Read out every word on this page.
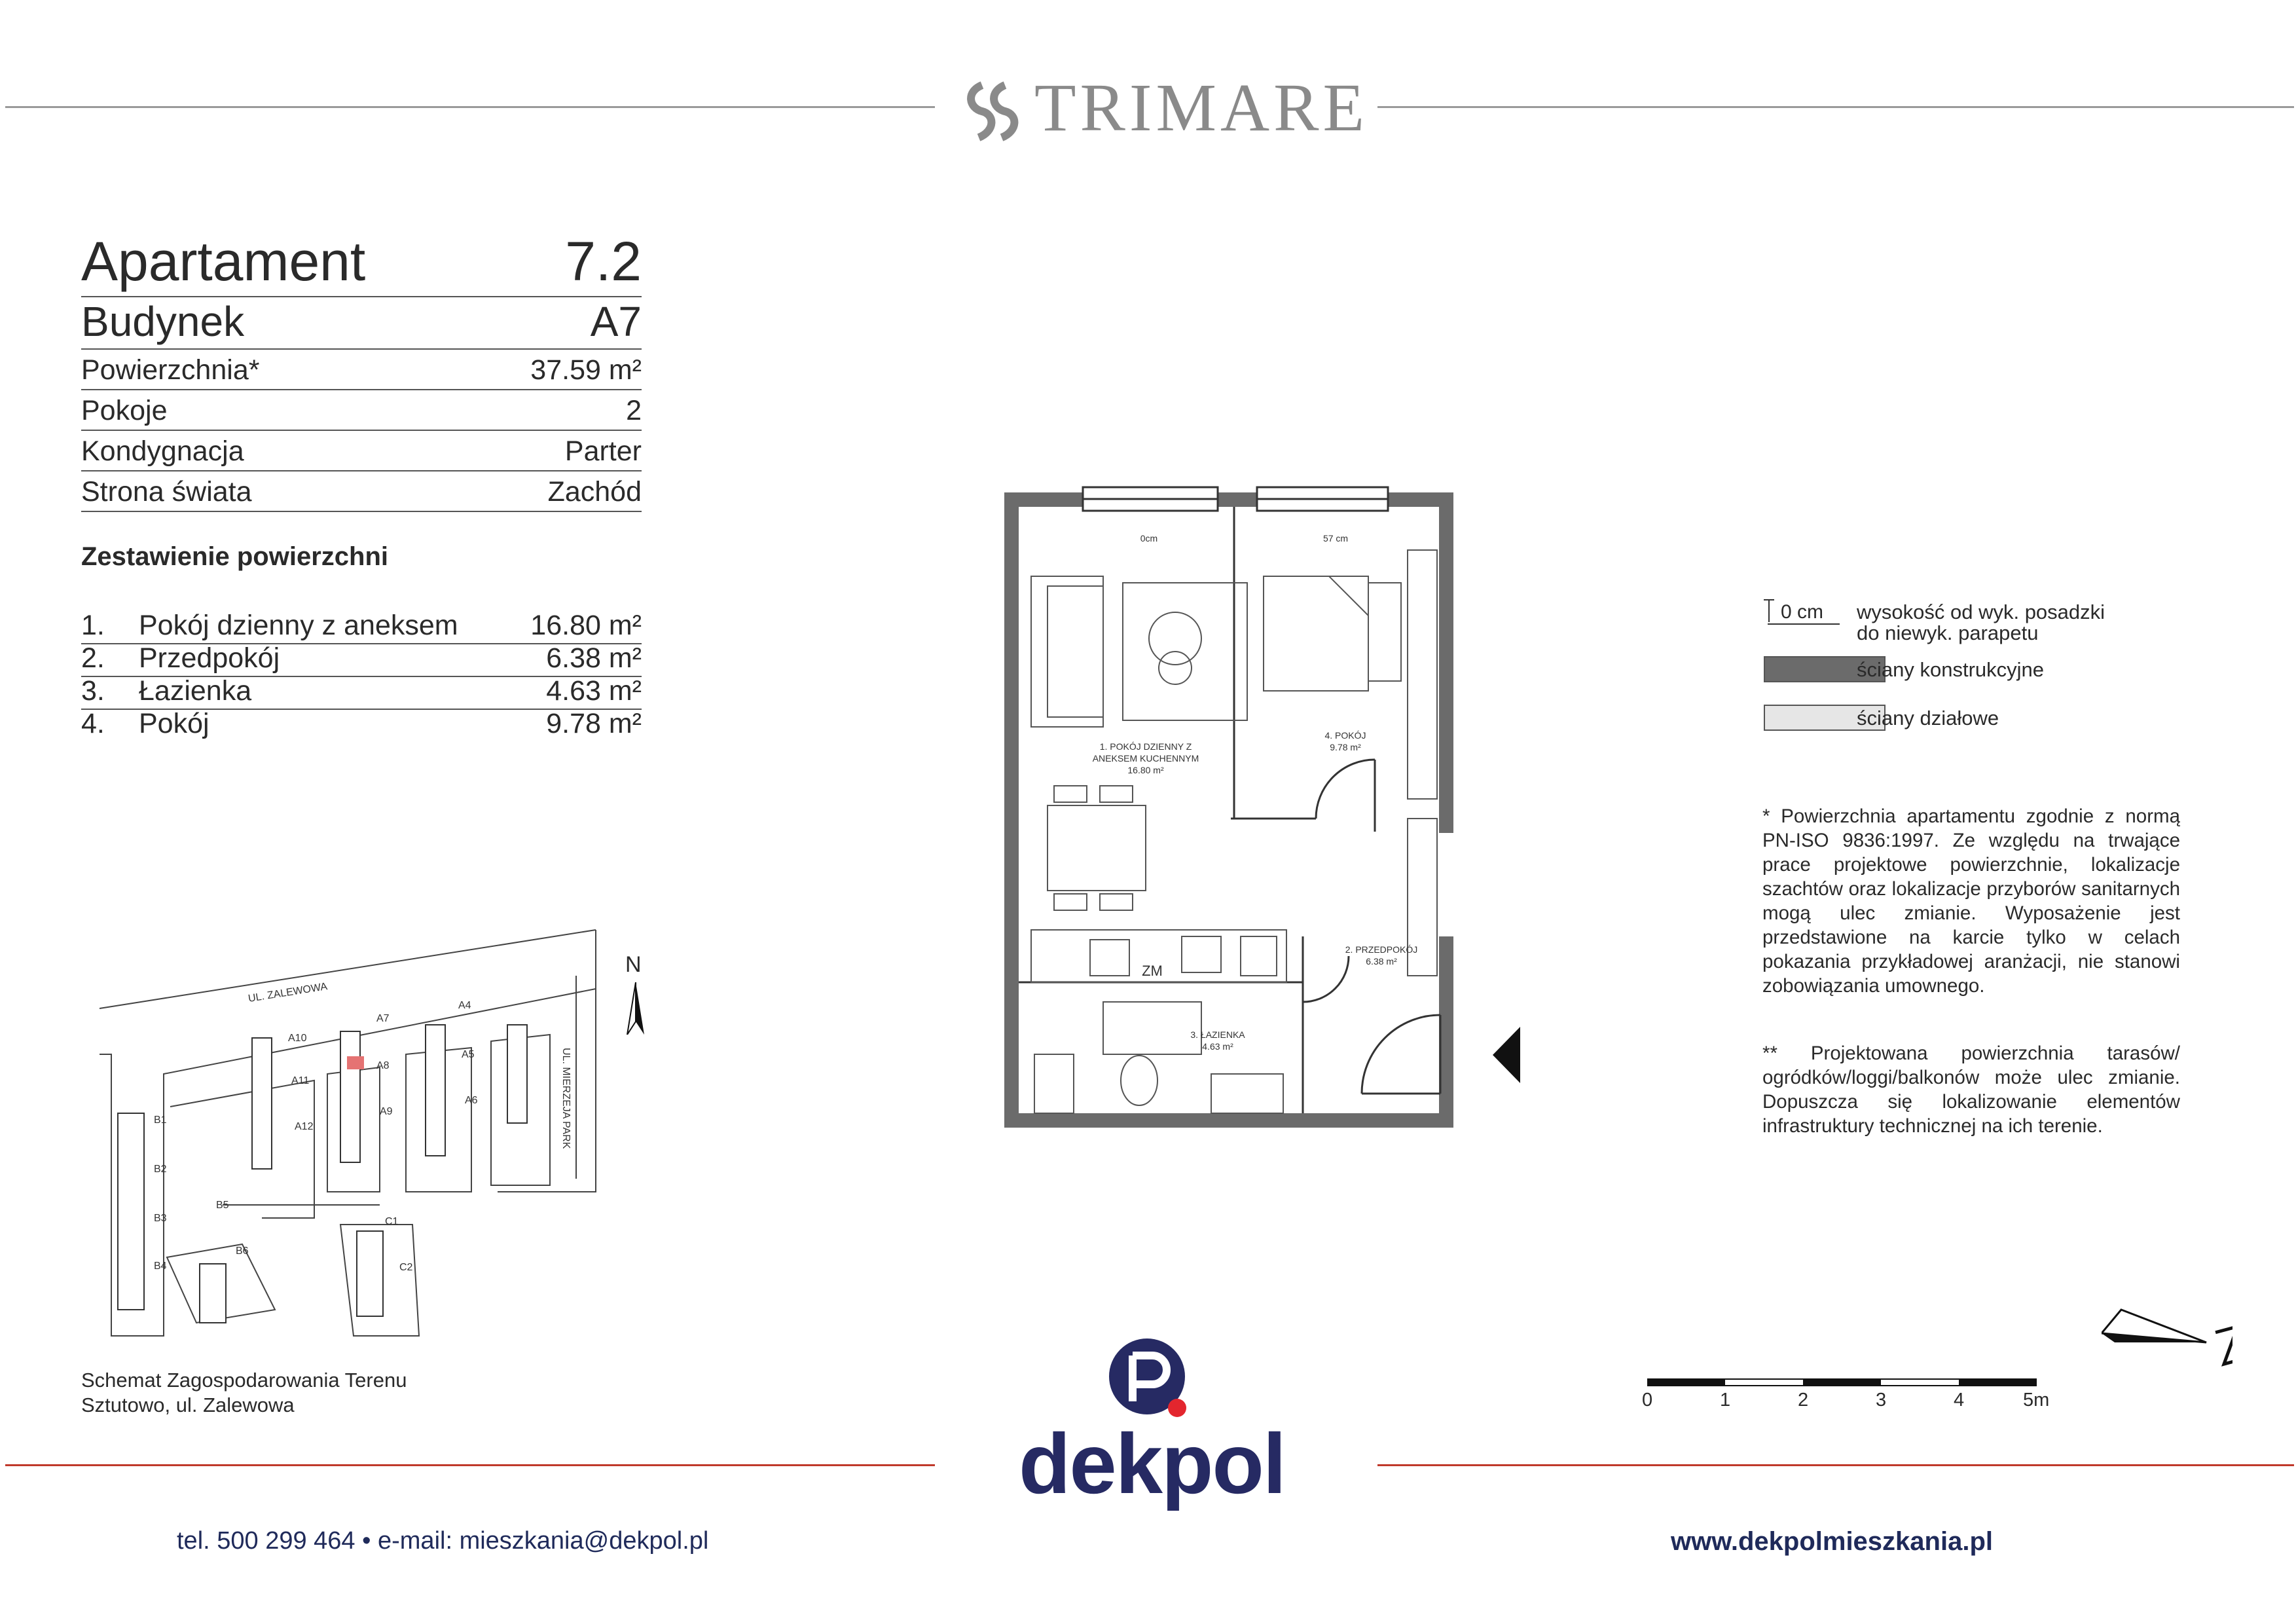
TRIMARE
Apartament	7.2
Budynek	A7
Powierzchnia*	37.59 m²
Pokoje	2
Kondygnacja	Parter
Strona świata	Zachód
Zestawienie powierzchni
1. Pokój dzienny z aneksem	16.80 m²
2. Przedpokój	6.38 m²
3. Łazienka	4.63 m²
4. Pokój	9.78 m²
1. POKÓJ DZIENNY Z
ANEKSEM KUCHENNYM
16.80 m²
4. POKÓJ
9.78 m²
2. PRZEDPOKÓJ
6.38 m²
3. ŁAZIENKA
4.63 m²
0cm	57 cm
ZM
0 cm wysokość od wyk. posadzki
do niewyk. parapetu
ściany konstrukcyjne
ściany działowe
* Powierzchnia apartamentu zgodnie z normą PN-ISO 9836:1997. Ze względu na trwające prace projektowe powierzchnie, lokalizacje szachtów oraz lokalizacje przyborów sanitarnych mogą ulec zmianie. Wyposażenie jest przedstawione na karcie tylko w celach pokazania przykładowej aranżacji, nie stanowi zobowiązania umownego.
** Projektowana powierzchnia tarasów/ ogródków/loggi/balkonów może ulec zmianie. Dopuszcza się lokalizowanie elementów infrastruktury technicznej na ich terenie.
0	1	2	3	4	5m
UL. ZALEWOWA
UL. MIERZEJA PARK
A4
A5
A6
A7
A8
A9
A10
A11
A12
B1
B2
B3
B4
B5
B6
C1
C2
N
Schemat Zagospodarowania Terenu
Sztutowo, ul. Zalewowa
dekpol
tel. 500 299 464 • e-mail: mieszkania@dekpol.pl	www.dekpolmieszkania.pl
